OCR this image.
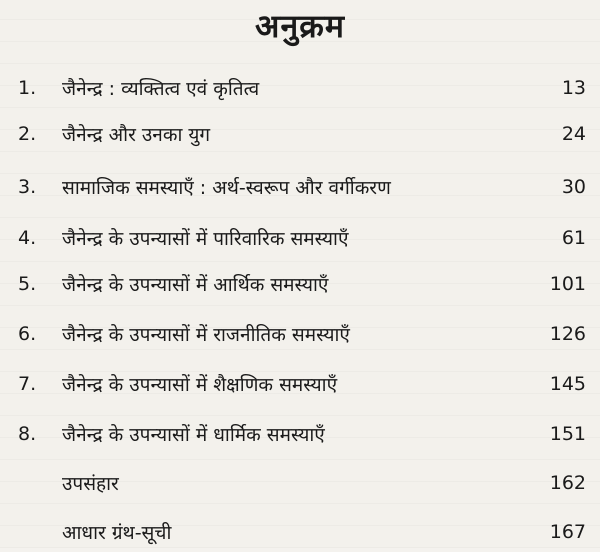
अनुक्रम
1.	जैनेन्द्र : व्यक्तित्व एवं कृतित्व	13
2.	जैनेन्द्र और उनका युग	24
3.	सामाजिक समस्याएँ : अर्थ-स्वरूप और वर्गीकरण	30
4.	जैनेन्द्र के उपन्यासों में पारिवारिक समस्याएँ	61
5.	जैनेन्द्र के उपन्यासों में आर्थिक समस्याएँ	101
6.	जैनेन्द्र के उपन्यासों में राजनीतिक समस्याएँ	126
7.	जैनेन्द्र के उपन्यासों में शैक्षणिक समस्याएँ	145
8.	जैनेन्द्र के उपन्यासों में धार्मिक समस्याएँ	151
उपसंहार	162
आधार ग्रंथ-सूची	167
